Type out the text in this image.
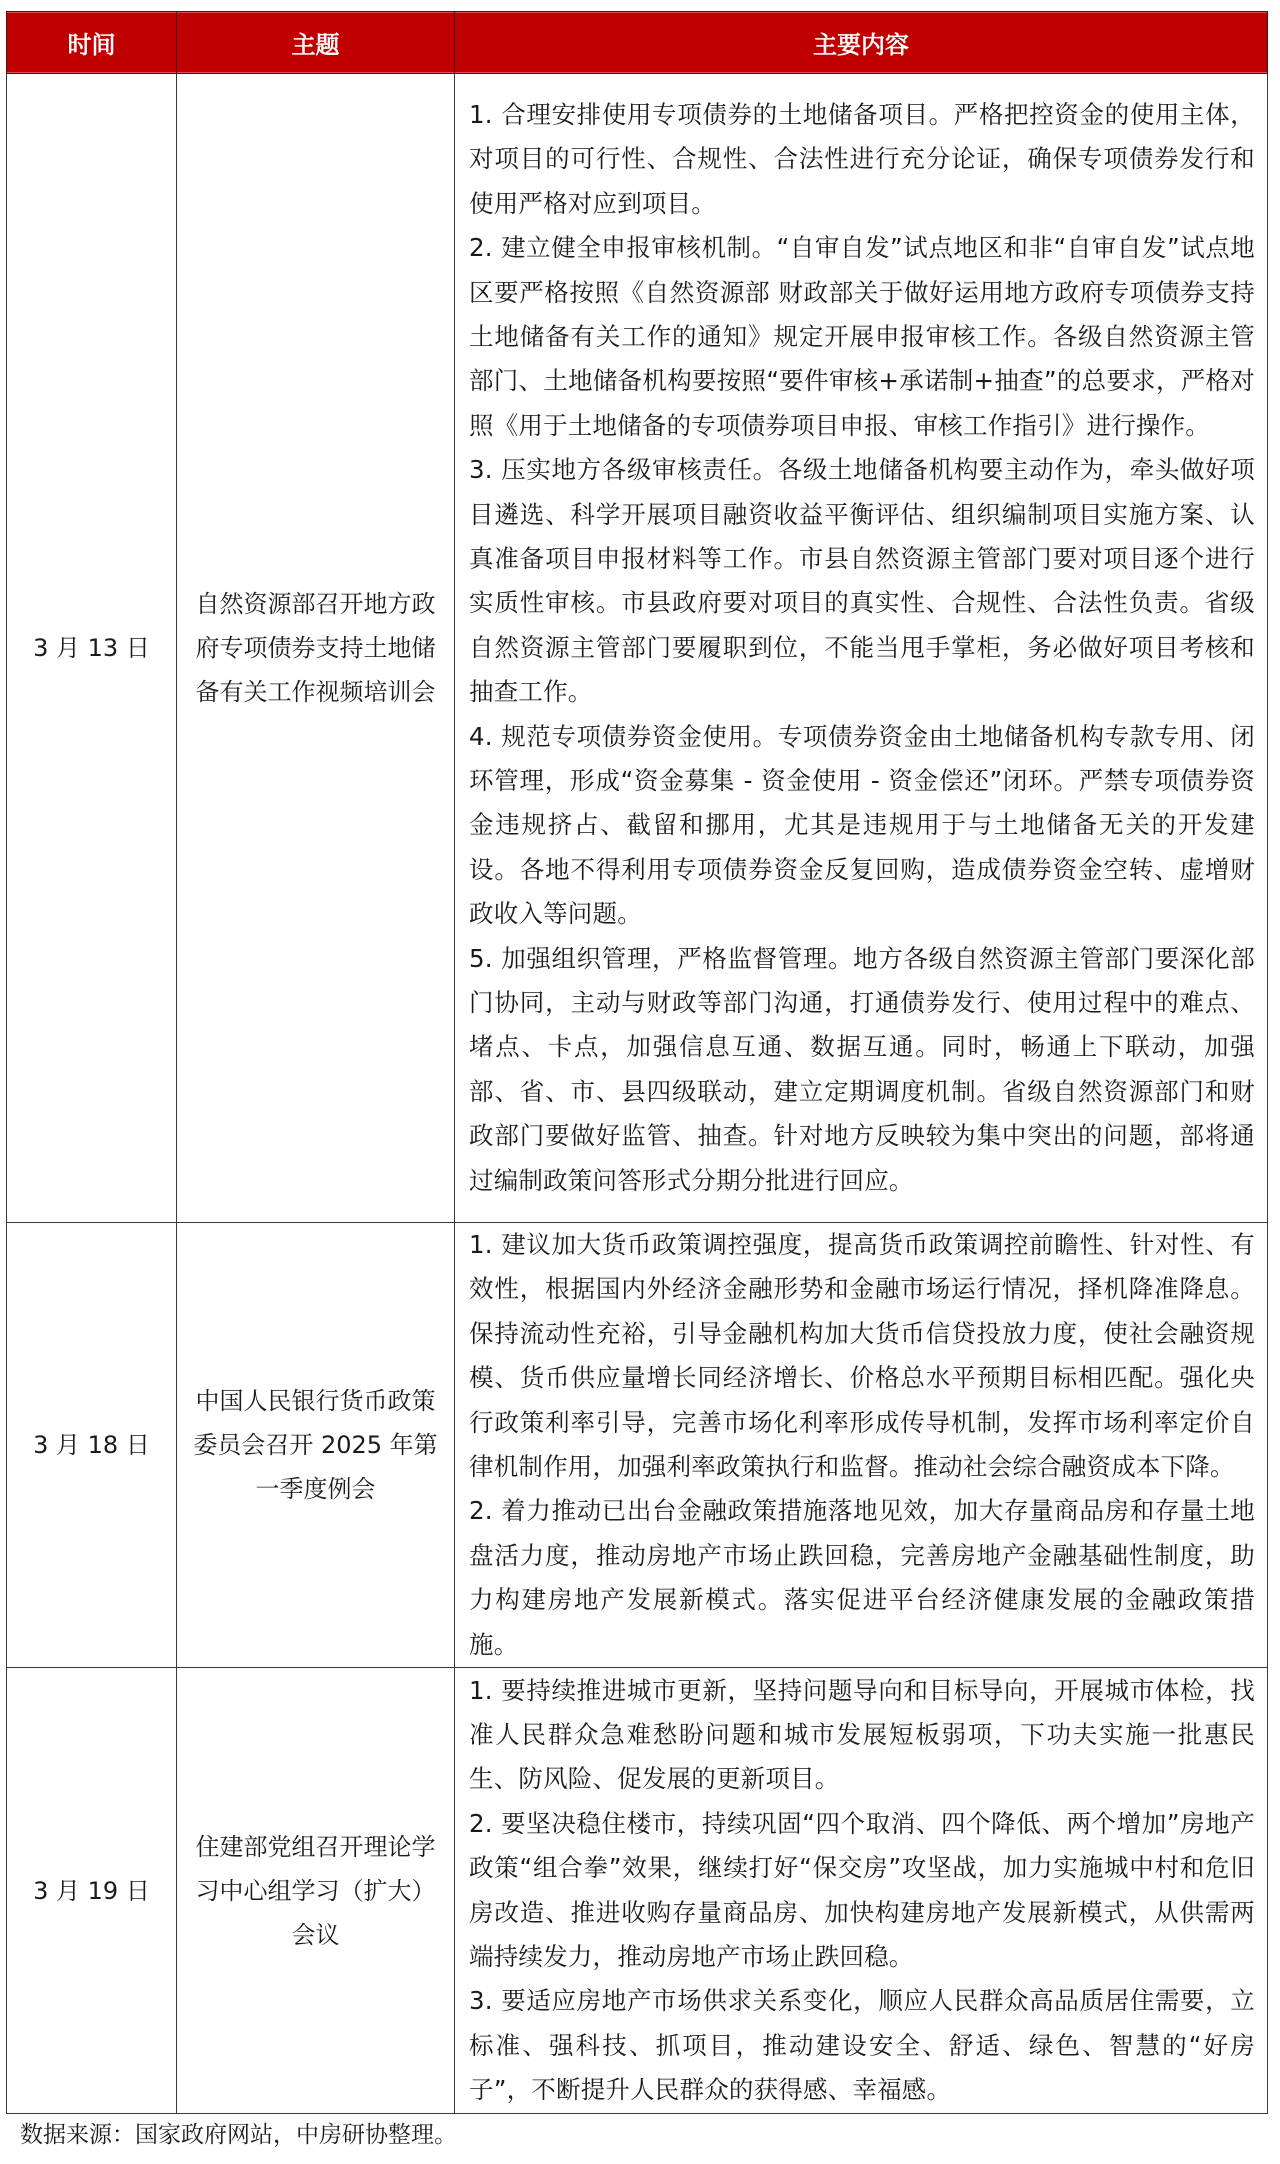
时间	主题	主要内容
3 月 13 日	自然资源部召开地方政府专项债券支持土地储备有关工作视频培训会	1. 合理安排使用专项债券的土地储备项目。严格把控资金的使用主体，对项目的可行性、合规性、合法性进行充分论证，确保专项债券发行和使用严格对应到项目。
2. 建立健全申报审核机制。“自审自发”试点地区和非“自审自发”试点地区要严格按照《自然资源部 财政部关于做好运用地方政府专项债券支持土地储备有关工作的通知》规定开展申报审核工作。各级自然资源主管部门、土地储备机构要按照“要件审核+承诺制+抽查”的总要求，严格对照《用于土地储备的专项债券项目申报、审核工作指引》进行操作。
3. 压实地方各级审核责任。各级土地储备机构要主动作为，牵头做好项目遴选、科学开展项目融资收益平衡评估、组织编制项目实施方案、认真准备项目申报材料等工作。市县自然资源主管部门要对项目逐个进行实质性审核。市县政府要对项目的真实性、合规性、合法性负责。省级自然资源主管部门要履职到位，不能当甩手掌柜，务必做好项目考核和抽查工作。
4. 规范专项债券资金使用。专项债券资金由土地储备机构专款专用、闭环管理，形成“资金募集 - 资金使用 - 资金偿还”闭环。严禁专项债券资金违规挤占、截留和挪用，尤其是违规用于与土地储备无关的开发建设。各地不得利用专项债券资金反复回购，造成债券资金空转、虚增财政收入等问题。
5. 加强组织管理，严格监督管理。地方各级自然资源主管部门要深化部门协同，主动与财政等部门沟通，打通债券发行、使用过程中的难点、堵点、卡点，加强信息互通、数据互通。同时，畅通上下联动，加强部、省、市、县四级联动，建立定期调度机制。省级自然资源部门和财政部门要做好监管、抽查。针对地方反映较为集中突出的问题，部将通过编制政策问答形式分期分批进行回应。

3 月 18 日	中国人民银行货币政策委员会召开 2025 年第一季度例会	1. 建议加大货币政策调控强度，提高货币政策调控前瞻性、针对性、有效性，根据国内外经济金融形势和金融市场运行情况，择机降准降息。保持流动性充裕，引导金融机构加大货币信贷投放力度，使社会融资规模、货币供应量增长同经济增长、价格总水平预期目标相匹配。强化央行政策利率引导，完善市场化利率形成传导机制，发挥市场利率定价自律机制作用，加强利率政策执行和监督。推动社会综合融资成本下降。
2. 着力推动已出台金融政策措施落地见效，加大存量商品房和存量土地盘活力度，推动房地产市场止跌回稳，完善房地产金融基础性制度，助力构建房地产发展新模式。落实促进平台经济健康发展的金融政策措施。

3 月 19 日	住建部党组召开理论学习中心组学习（扩大）会议	1. 要持续推进城市更新，坚持问题导向和目标导向，开展城市体检，找准人民群众急难愁盼问题和城市发展短板弱项，下功夫实施一批惠民生、防风险、促发展的更新项目。
2. 要坚决稳住楼市，持续巩固“四个取消、四个降低、两个增加”房地产政策“组合拳”效果，继续打好“保交房”攻坚战，加力实施城中村和危旧房改造、推进收购存量商品房、加快构建房地产发展新模式，从供需两端持续发力，推动房地产市场止跌回稳。
3. 要适应房地产市场供求关系变化，顺应人民群众高品质居住需要，立标准、强科技、抓项目，推动建设安全、舒适、绿色、智慧的“好房子”，不断提升人民群众的获得感、幸福感。
数据来源：国家政府网站，中房研协整理。
